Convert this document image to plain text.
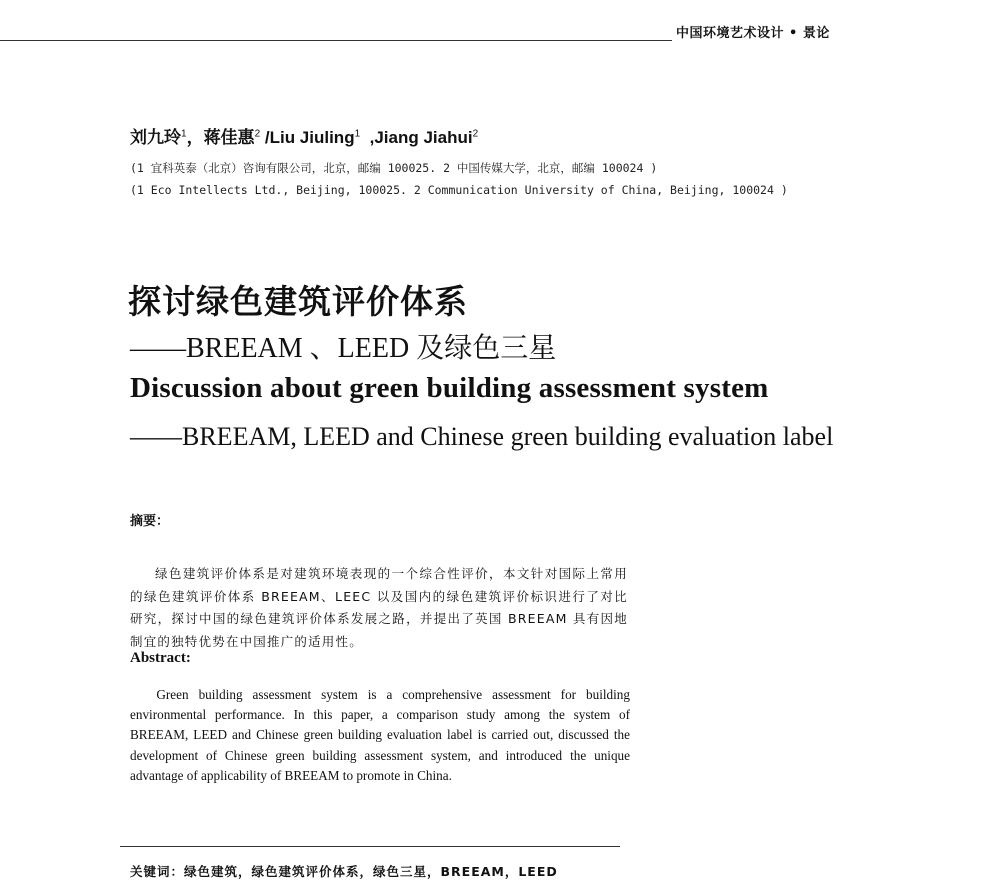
中国环境艺术设计 • 景论
刘九玲$^1$，蒋佳惠$^2$ /Liu Jiuling$^1$  ,Jiang Jiahui$^2$
(1 宜科英泰（北京）咨询有限公司，北京，邮编 100025. 2 中国传媒大学，北京，邮编 100024 )
(1 Eco Intellects Ltd., Beijing, 100025. 2 Communication University of China, Beijing, 100024 )
探讨绿色建筑评价体系
——BREEAM 、LEED 及绿色三星
Discussion about green building assessment system
——BREEAM, LEED and Chinese green building evaluation label
摘要：
绿色建筑评价体系是对建筑环境表现的一个综合性评价，本文针对国际上常用的绿色建筑评价体系 BREEAM、LEEC 以及国内的绿色建筑评价标识进行了对比研究，探讨中国的绿色建筑评价体系发展之路，并提出了英国 BREEAM 具有因地制宜的独特优势在中国推广的适用性。
Abstract:
Green building assessment system is a comprehensive assessment for building environmental performance. In this paper, a comparison study among the system of BREEAM, LEED and Chinese green building evaluation label is carried out, discussed the development of Chinese green building assessment system, and introduced the unique advantage of applicability of BREEAM to promote in China.
关键词：绿色建筑，绿色建筑评价体系，绿色三星，BREEAM，LEED
